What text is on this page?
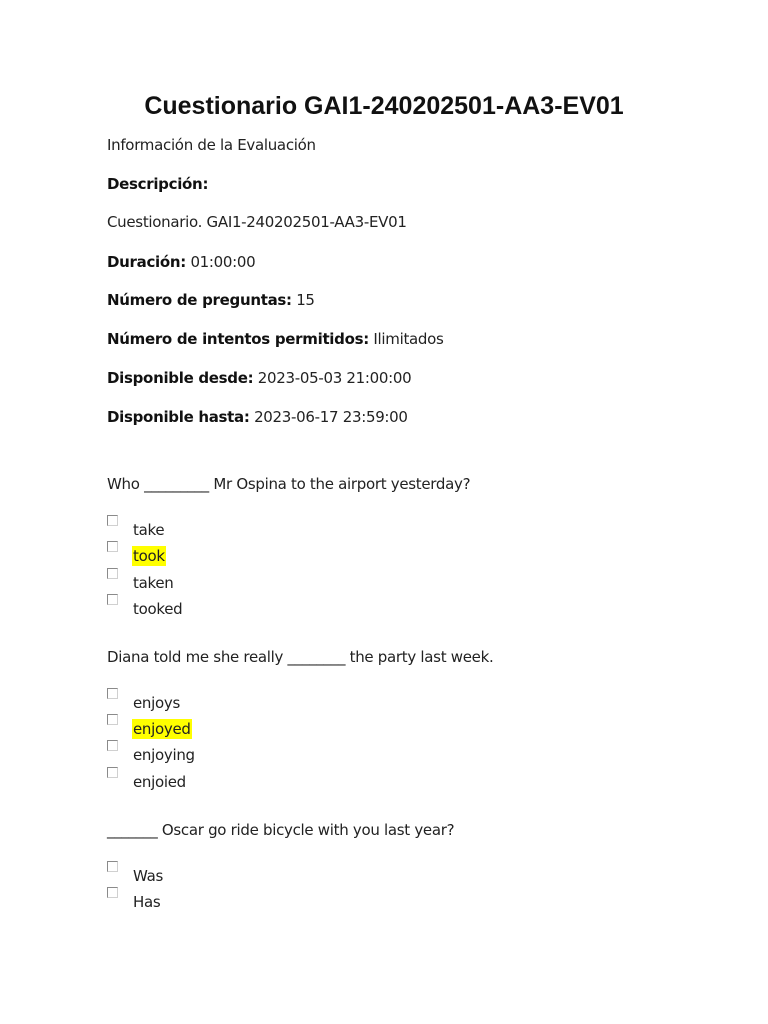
Cuestionario GAI1-240202501-AA3-EV01
Información de la Evaluación
Descripción:
Cuestionario. GAI1-240202501-AA3-EV01
Duración: 01:00:00
Número de preguntas: 15
Número de intentos permitidos: Ilimitados
Disponible desde: 2023-05-03 21:00:00
Disponible hasta: 2023-06-17 23:59:00
Who _________ Mr Ospina to the airport yesterday?
take
took
taken
tooked
Diana told me she really ________ the party last week.
enjoys
enjoyed
enjoying
enjoied
_______ Oscar go ride bicycle with you last year?
Was
Has
